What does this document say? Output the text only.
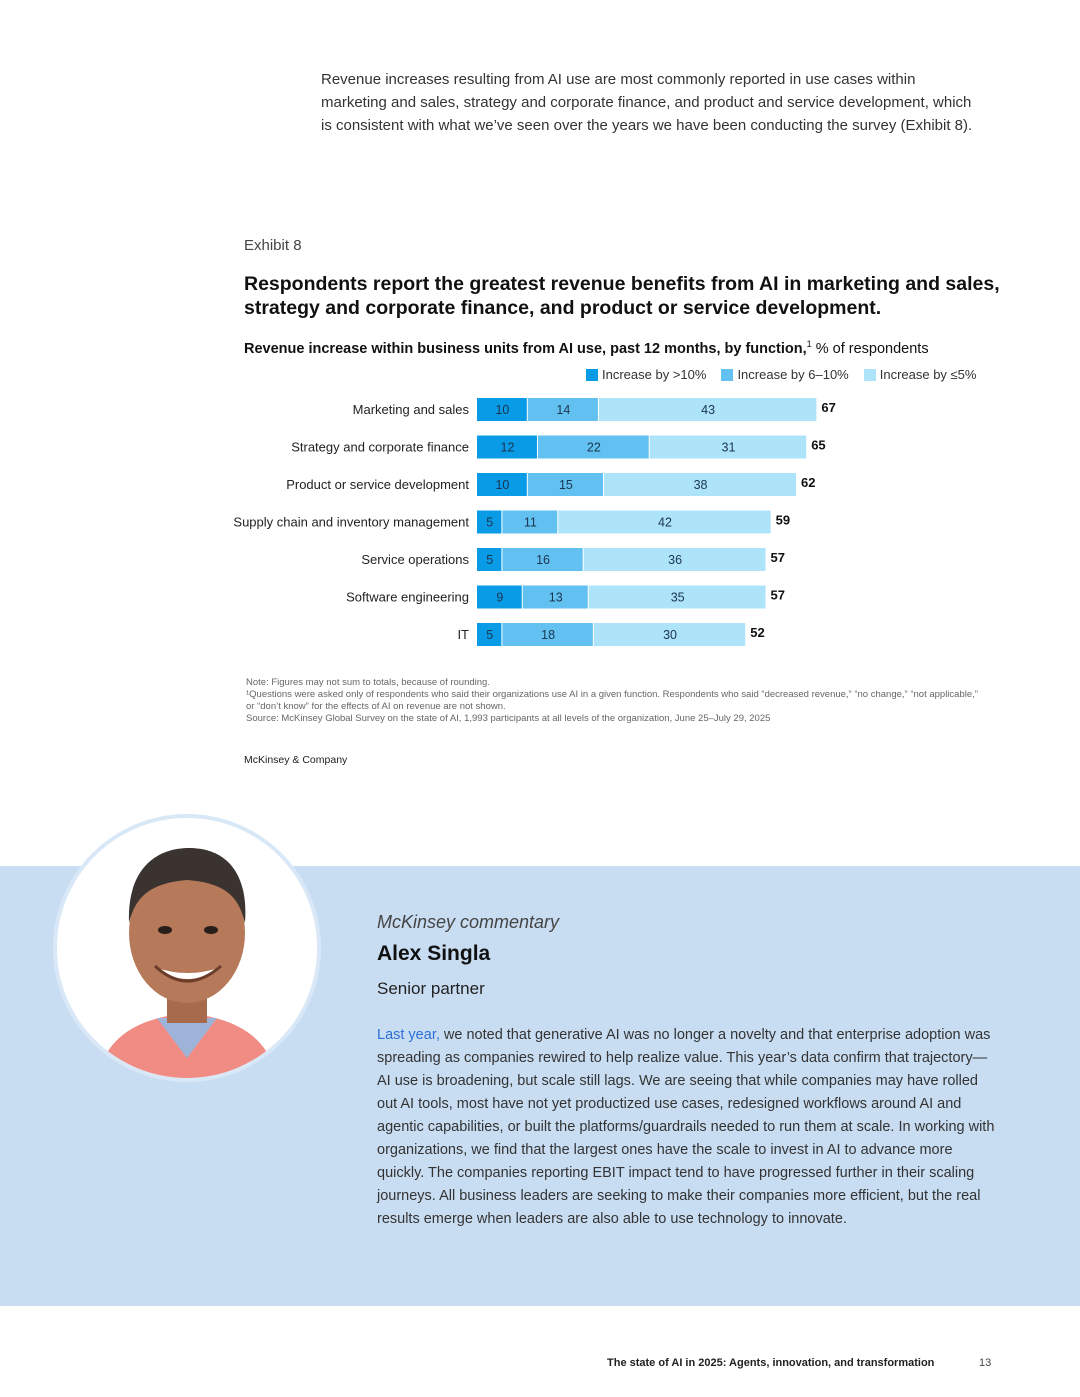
Revenue increases resulting from AI use are most commonly reported in use cases within marketing and sales, strategy and corporate finance, and product and service development, which is consistent with what we’ve seen over the years we have been conducting the survey (Exhibit 8).
Exhibit 8
Respondents report the greatest revenue benefits from AI in marketing and sales, strategy and corporate finance, and product or service development.
Revenue increase within business units from AI use, past 12 months, by function,$^1$ % of respondents
Increase by >10% Increase by 6–10% Increase by ≤5%
Marketing and sales 10	14	43	67
Strategy and corporate finance	12	22	31	65
Product or service development 10	15	38	62
Supply chain and inventory management 5 11	42	59
Service operations 5	16	36	57
Software engineering 9	13	35	57
IT 5	18	30	52
Note: Figures may not sum to totals, because of rounding.
¹Questions were asked only of respondents who said their organizations use AI in a given function. Respondents who said “decreased revenue,” “no change,” “not applicable,” or “don’t know” for the effects of AI on revenue are not shown.
Source: McKinsey Global Survey on the state of AI, 1,993 participants at all levels of the organization, June 25–July 29, 2025
McKinsey & Company
McKinsey commentary
Alex Singla
Senior partner
Last year, we noted that generative AI was no longer a novelty and that enterprise adoption was spreading as companies rewired to help realize value. This year’s data confirm that trajectory—AI use is broadening, but scale still lags. We are seeing that while companies may have rolled out AI tools, most have not yet productized use cases, redesigned workflows around AI and agentic capabilities, or built the platforms/guardrails needed to run them at scale. In working with organizations, we find that the largest ones have the scale to invest in AI to advance more quickly. The companies reporting EBIT impact tend to have progressed further in their scaling journeys. All business leaders are seeking to make their companies more efficient, but the real results emerge when leaders are also able to use technology to innovate.
The state of AI in 2025: Agents, innovation, and transformation	13
